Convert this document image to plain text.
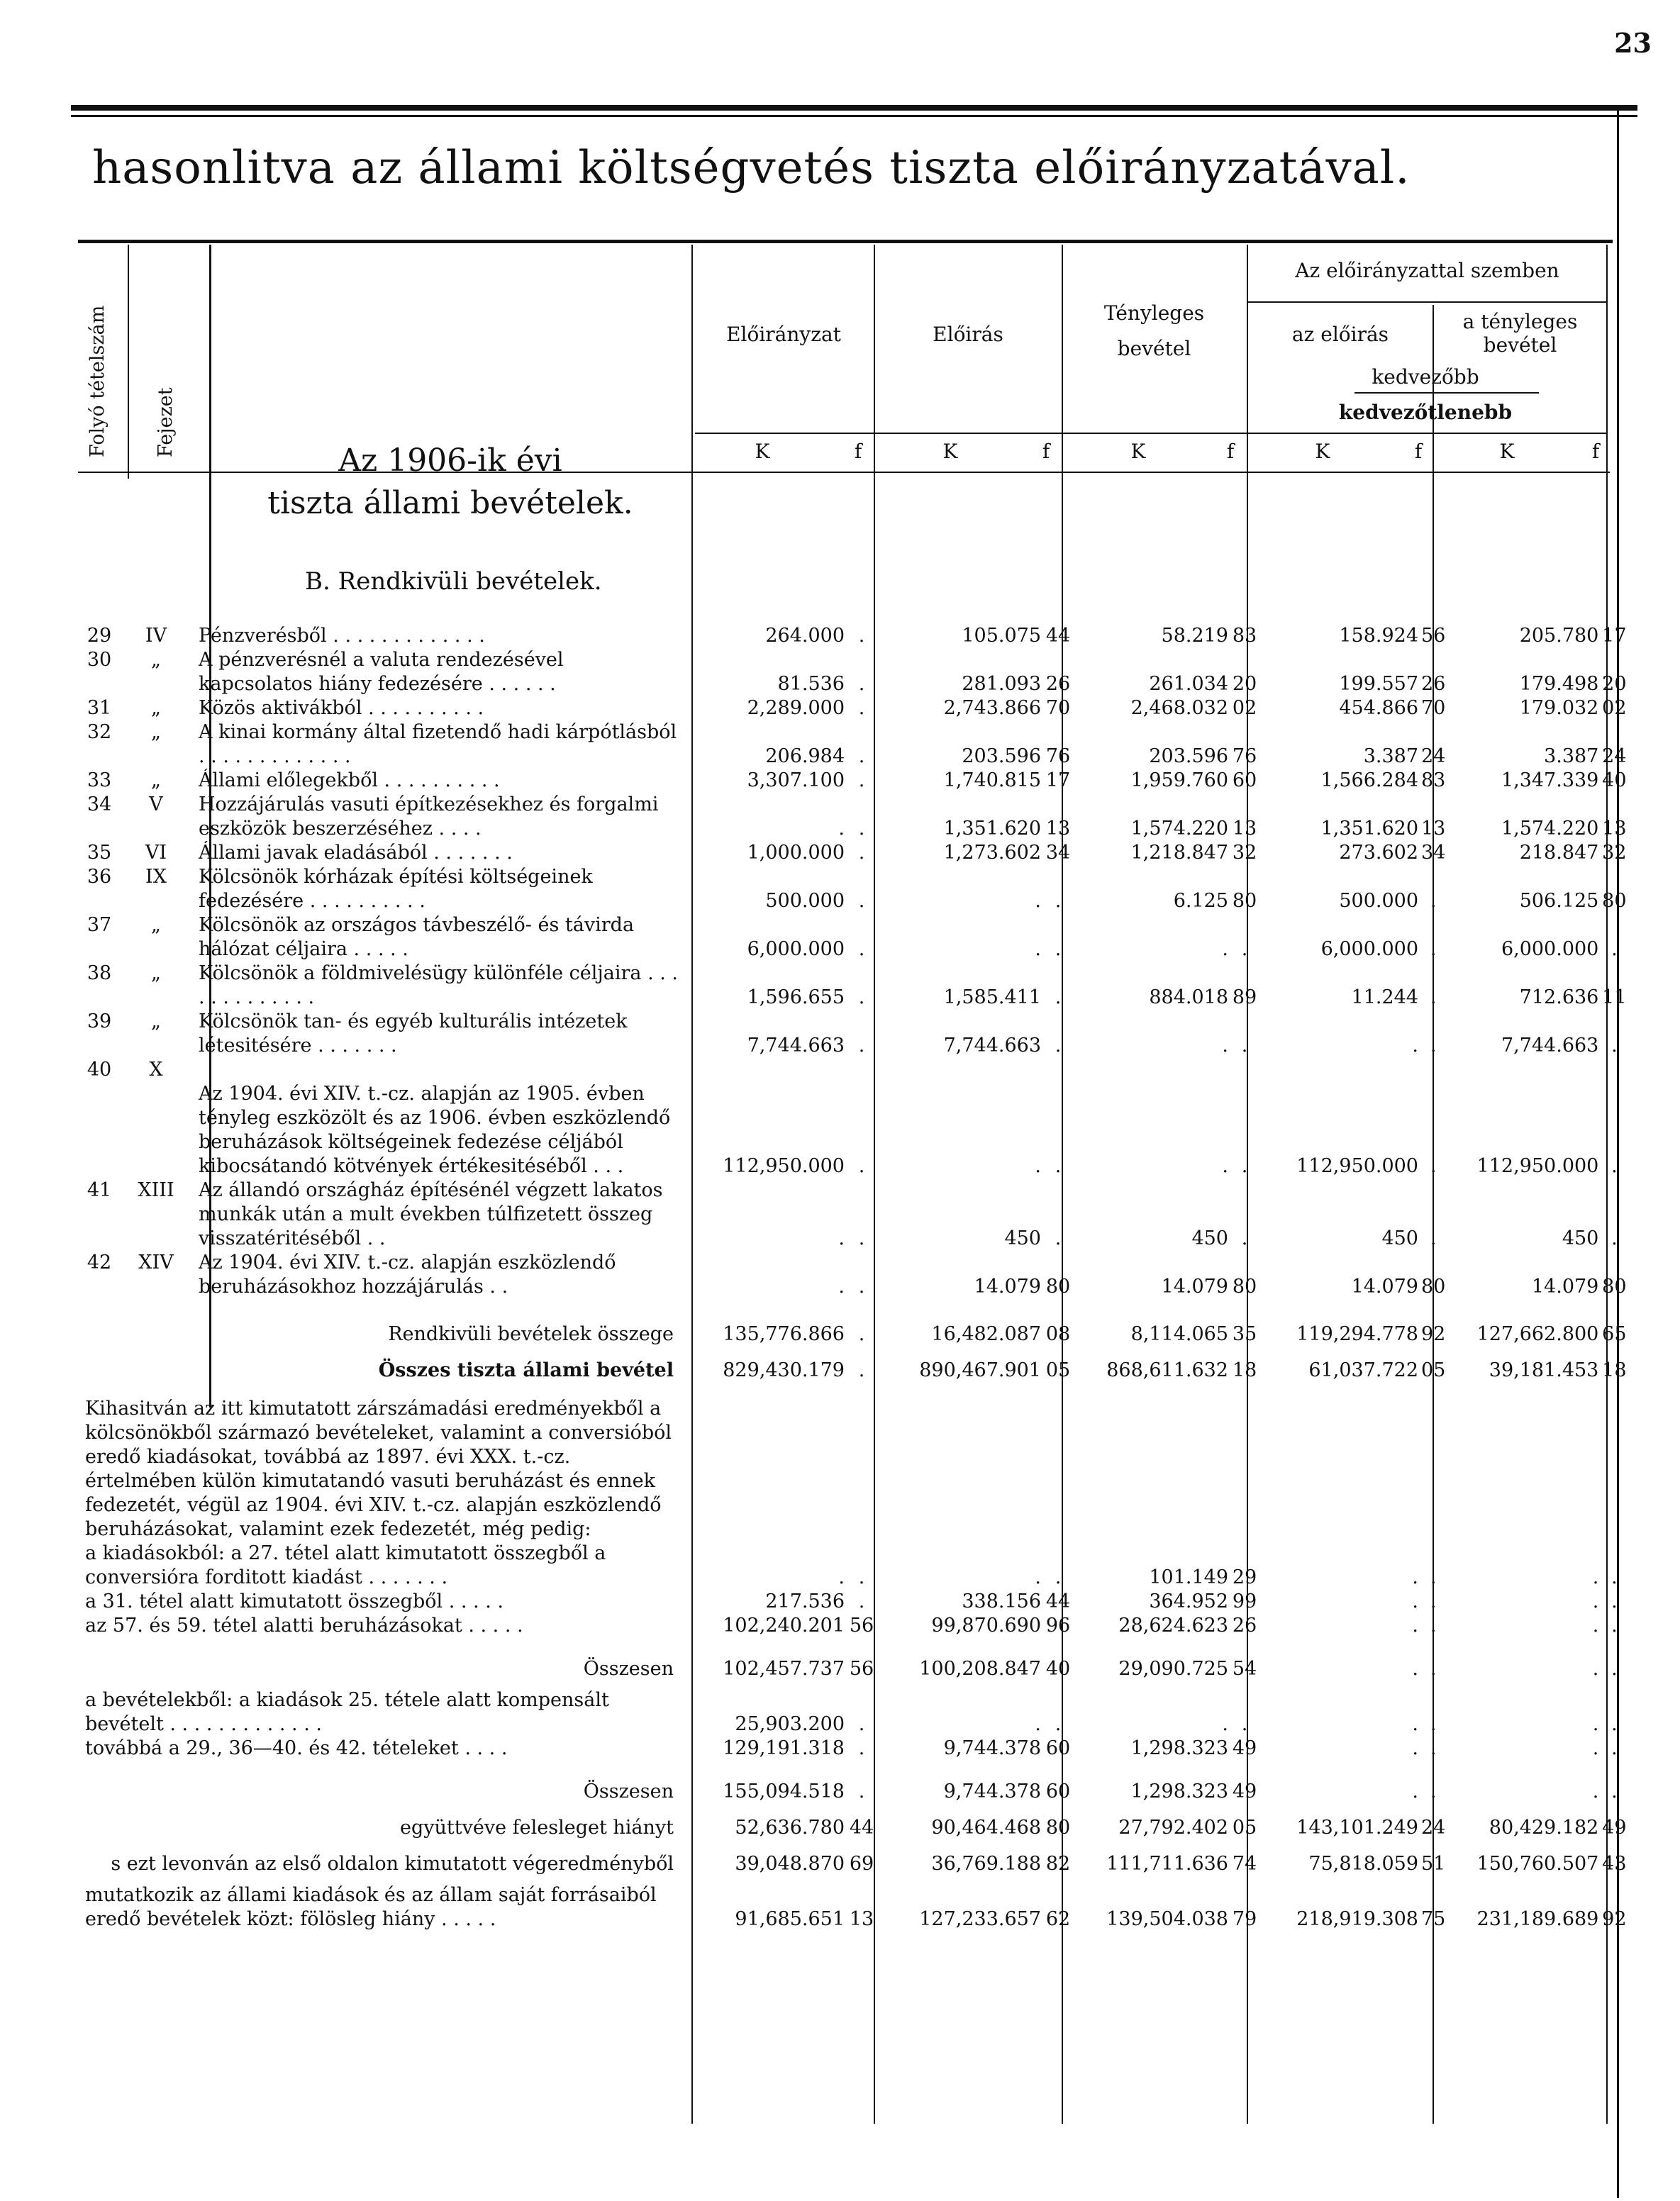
23
hasonlitva az állami költségvetés tiszta előirányzatával.
Folyó tételszám Fejezet
Az 1906-ik évi
tiszta állami bevételek.
B. Rendkivüli bevételek.
Előirányzat	Előirás
Tényleges
bevétel
Az előirányzattal szemben
az előirás
a tényleges
bevétel
kedvezőbb
kedvezőtlenebb
K	f	K	f	K	f	K	f	K	f
29	IV	Pénzverésből . . . . . . . . . . . . .	264.000	.	105.075	44	58.219	83	158.924	56	205.780	17
30	„	A pénzverésnél a valuta rendezésével kapcsolatos hiány fedezésére . . . . . .	81.536	.	281.093	26	261.034	20	199.557	26	179.498	20
31	„	Közös aktivákból . . . . . . . . . .	2,289.000	.	2,743.866	70	2,468.032	02	454.866	70	179.032	02
32	„	A kinai kormány által fizetendő hadi kárpótlásból . . . . . . . . . . . . .	206.984	.	203.596	76	203.596	76	3.387	24	3.387	24
33	„	Állami előlegekből . . . . . . . . . .	3,307.100	.	1,740.815	17	1,959.760	60	1,566.284	83	1,347.339	40
34	V	Hozzájárulás vasuti építkezésekhez és forgalmi eszközök beszerzéséhez . . . .	.	.	1,351.620	13	1,574.220	13	1,351.620	13	1,574.220	13
35	VI	Állami javak eladásából . . . . . . .	1,000.000	.	1,273.602	34	1,218.847	32	273.602	34	218.847	32
36	IX	Kölcsönök kórházak építési költségeinek fedezésére . . . . . . . . . .	500.000	.	.	.	6.125	80	500.000	.	506.125	80
37	„	Kölcsönök az országos távbeszélő- és távirda hálózat céljaira . . . . .	6,000.000	.	.	.	.	.	6,000.000	.	6,000.000	.
38	„	Kölcsönök a földmivelésügy különféle céljaira . . . . . . . . . . . . .	1,596.655	.	1,585.411	.	884.018	89	11.244	.	712.636	11
39	„	Kölcsönök tan- és egyéb kulturális intézetek létesitésére . . . . . . .	7,744.663	.	7,744.663	.	.	.	.	.	7,744.663	.
40	X	Az 1904. évi XIV. t.-cz. alapján az 1905. évben tényleg eszközölt és az 1906. évben eszközlendő beruházások költségeinek fedezése céljából kibocsátandó kötvények értékesitéséből . . .	112,950.000	.	.	.	.	.	112,950.000	.	112,950.000	.
41	XIII	Az állandó országház építésénél végzett lakatos munkák után a mult években túlfizetett összeg visszatéritéséből . .	.	.	450	.	450	.	450	.	450	.
42	XIV	Az 1904. évi XIV. t.-cz. alapján eszközlendő beruházásokhoz hozzájárulás . .	.	.	14.079	80	14.079	80	14.079	80	14.079	80

Rendkivüli bevételek összege			135,776.866	.	16,482.087	08	8,114.065	35	119,294.778	92	127,662.800	65
Összes tiszta állami bevétel			829,430.179	.	890,467.901	05	868,611.632	18	61,037.722	05	39,181.453	18

Kihasitván az itt kimutatott zárszámadási eredményekből a kölcsönökből származó bevételeket, valamint a conversióból eredő kiadásokat, továbbá az 1897. évi XXX. t.-cz. értelmében külön kimutatandó vasuti beruházást és ennek fedezetét, végül az 1904. évi XIV. t.-cz. alapján eszközlendő beruházásokat, valamint ezek fedezetét, még pedig:												
a kiadásokból: a 27. tétel alatt kimutatott összegből a conversióra forditott kiadást . . . . . . .			.	.	.	.	101.149	29	.	.	.	.
a 31. tétel alatt kimutatott összegből . . . . .			217.536	.	338.156	44	364.952	99	.	.	.	.
az 57. és 59. tétel alatti beruházásokat . . . . .			102,240.201	56	99,870.690	96	28,624.623	26	.	.	.	.

Összesen			102,457.737	56	100,208.847	40	29,090.725	54	.	.	.	.

a bevételekből: a kiadások 25. tétele alatt kompensált bevételt . . . . . . . . . . . . .			25,903.200	.	.	.	.	.	.	.	.	.
továbbá a 29., 36—40. és 42. tételeket . . . .			129,191.318	.	9,744.378	60	1,298.323	49	.	.	.	.

Összesen			155,094.518	.	9,744.378	60	1,298.323	49	.	.	.	.
együttvéve felesleget hiányt			52,636.780	44	90,464.468	80	27,792.402	05	143,101.249	24	80,429.182	49
s ezt levonván az első oldalon kimutatott végeredményből			39,048.870	69	36,769.188	82	111,711.636	74	75,818.059	51	150,760.507	43

mutatkozik az állami kiadások és az állam saját forrásaiból eredő bevételek közt: fölösleg hiány . . . . .			91,685.651	13	127,233.657	62	139,504.038	79	218,919.308	75	231,189.689	92
